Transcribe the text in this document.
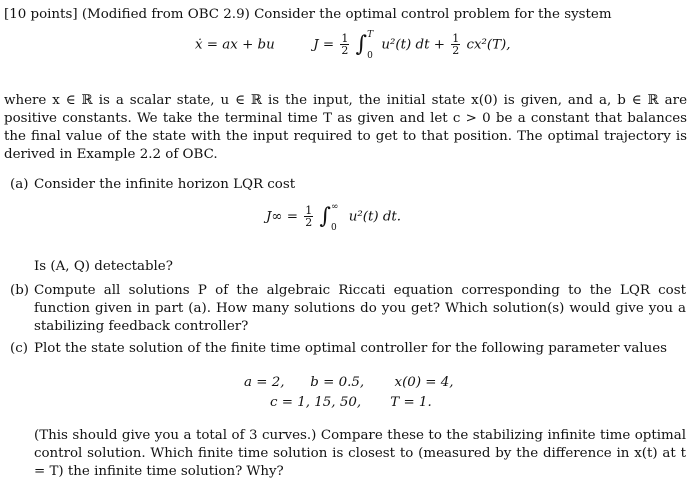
[10 points] (Modified from OBC 2.9) Consider the optimal control problem for the system
ẋ = ax + bu	$J = \frac{1}{2}$ ∫ T
0
u²(t) dt + $\frac{1}{2} cx^2(T)$,
where x ∈ ℝ is a scalar state, u ∈ ℝ is the input, the initial state x(0) is given, and a, b ∈ ℝ are positive constants. We take the terminal time T as given and let c > 0 be a constant that balances the final value of the state with the input required to get to that position. The optimal trajectory is derived in Example 2.2 of OBC.
(a) Consider the infinite horizon LQR cost
$J\infty = \frac{1}{2}$ ∫ ∞
0
u²(t) dt.
Is (A, Q) detectable?
(b) Compute all solutions P of the algebraic Riccati equation corresponding to the LQR cost function given in part (a). How many solutions do you get? Which solution(s) would give you a stabilizing feedback controller?
(c) Plot the state solution of the finite time optimal controller for the following parameter values
a = 2, b = 0.5, x(0) = 4,
c = 1, 15, 50, T = 1.
(This should give you a total of 3 curves.) Compare these to the stabilizing infinite time optimal control solution. Which finite time solution is closest to (measured by the difference in x(t) at t = T) the infinite time solution? Why?
